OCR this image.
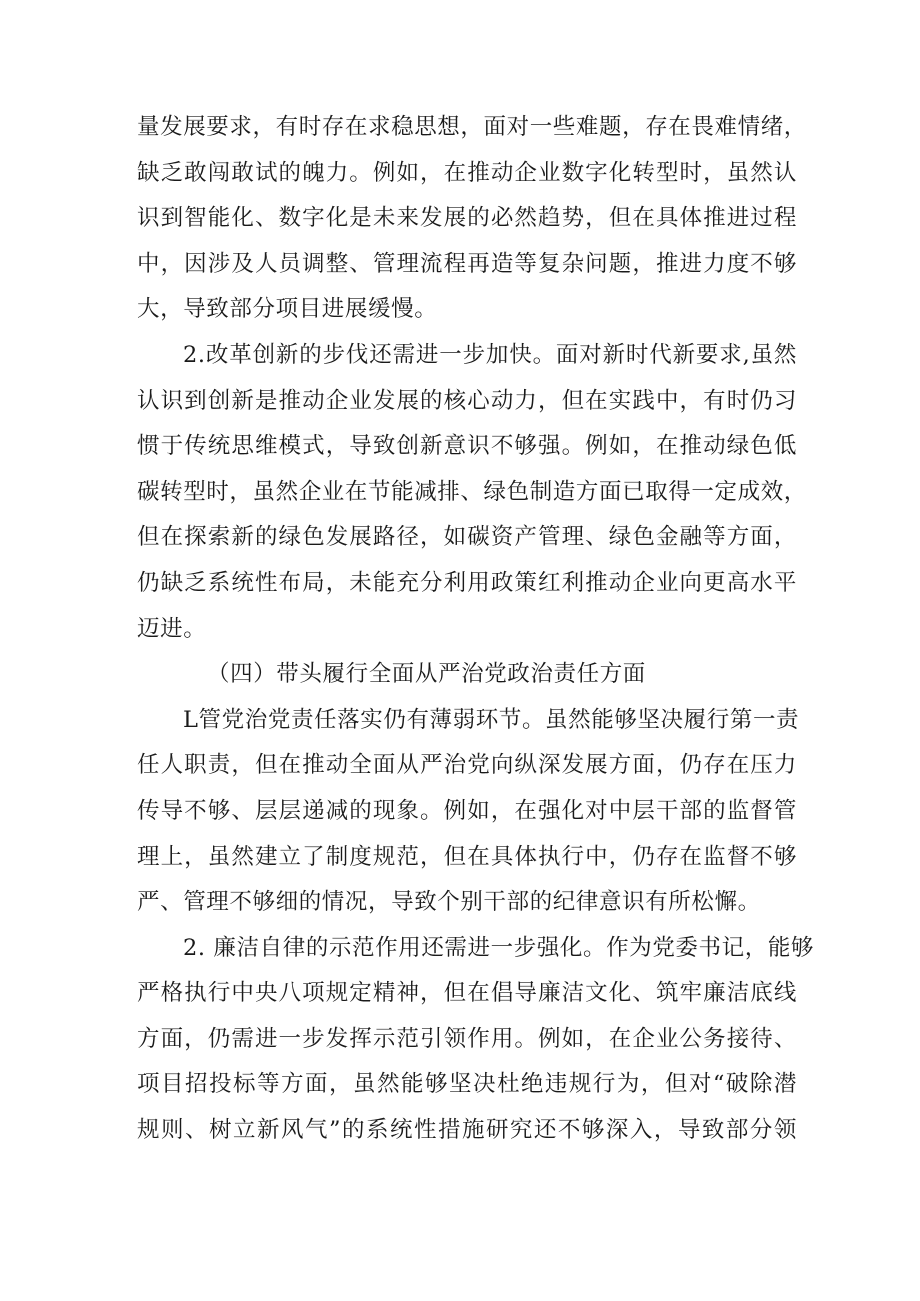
量发展要求，有时存在求稳思想，面对一些难题，存在畏难情绪，
缺乏敢闯敢试的魄力。例如，在推动企业数字化转型时，虽然认
识到智能化、数字化是未来发展的必然趋势，但在具体推进过程
中，因涉及人员调整、管理流程再造等复杂问题，推进力度不够
大，导致部分项目进展缓慢。
2.改革创新的步伐还需进一步加快。面对新时代新要求,虽然
认识到创新是推动企业发展的核心动力，但在实践中，有时仍习
惯于传统思维模式，导致创新意识不够强。例如，在推动绿色低
碳转型时，虽然企业在节能减排、绿色制造方面已取得一定成效，
但在探索新的绿色发展路径，如碳资产管理、绿色金融等方面，
仍缺乏系统性布局，未能充分利用政策红利推动企业向更高水平
迈进。
（四）带头履行全面从严治党政治责任方面
L管党治党责任落实仍有薄弱环节。虽然能够坚决履行第一责
任人职责，但在推动全面从严治党向纵深发展方面，仍存在压力
传导不够、层层递减的现象。例如，在强化对中层干部的监督管
理上，虽然建立了制度规范，但在具体执行中，仍存在监督不够
严、管理不够细的情况，导致个别干部的纪律意识有所松懈。
2. 廉洁自律的示范作用还需进一步强化。作为党委书记，能够
严格执行中央八项规定精神，但在倡导廉洁文化、筑牢廉洁底线
方面，仍需进一步发挥示范引领作用。例如，在企业公务接待、
项目招投标等方面，虽然能够坚决杜绝违规行为，但对“破除潜
规则、树立新风气”的系统性措施研究还不够深入，导致部分领
